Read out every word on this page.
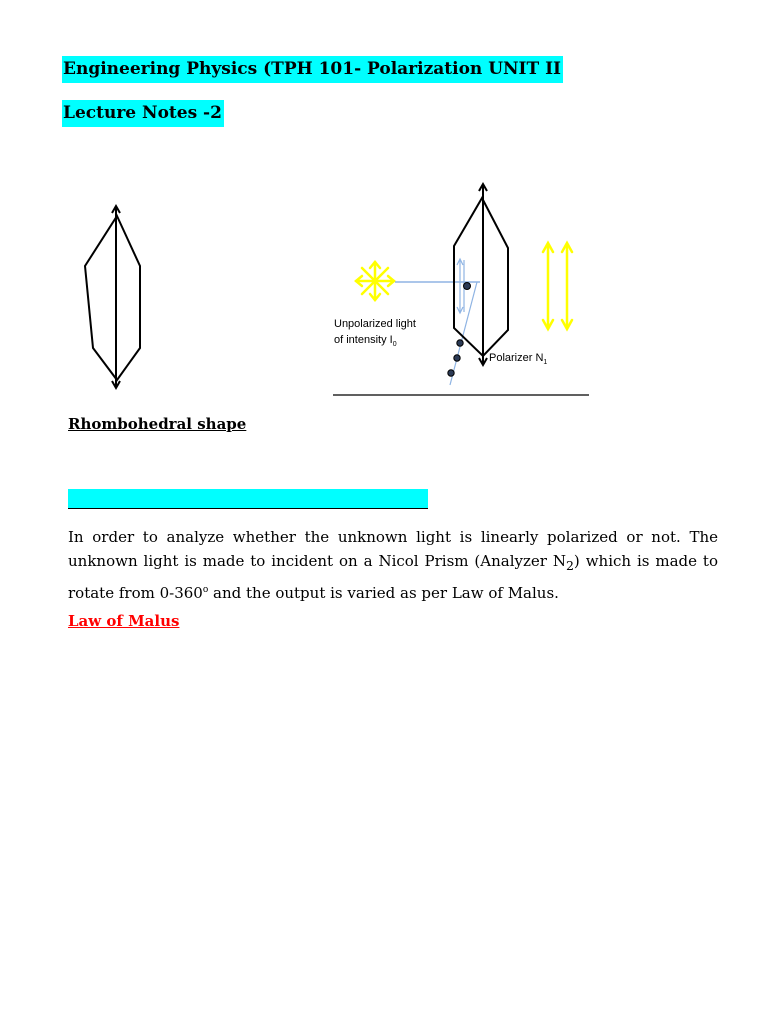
Engineering Physics (TPH 101- Polarization UNIT II
Lecture Notes -2
Unpolarized light
of intensity $I_0$
Polarizer $N_1$
Rhombohedral shape

In order to analyze whether the unknown light is linearly polarized or not. The unknown light is made to incident on a Nicol Prism (Analyzer $N_2$) which is made to rotate from 0-360$^o$ and the output is varied as per Law of Malus.

Law of Malus
